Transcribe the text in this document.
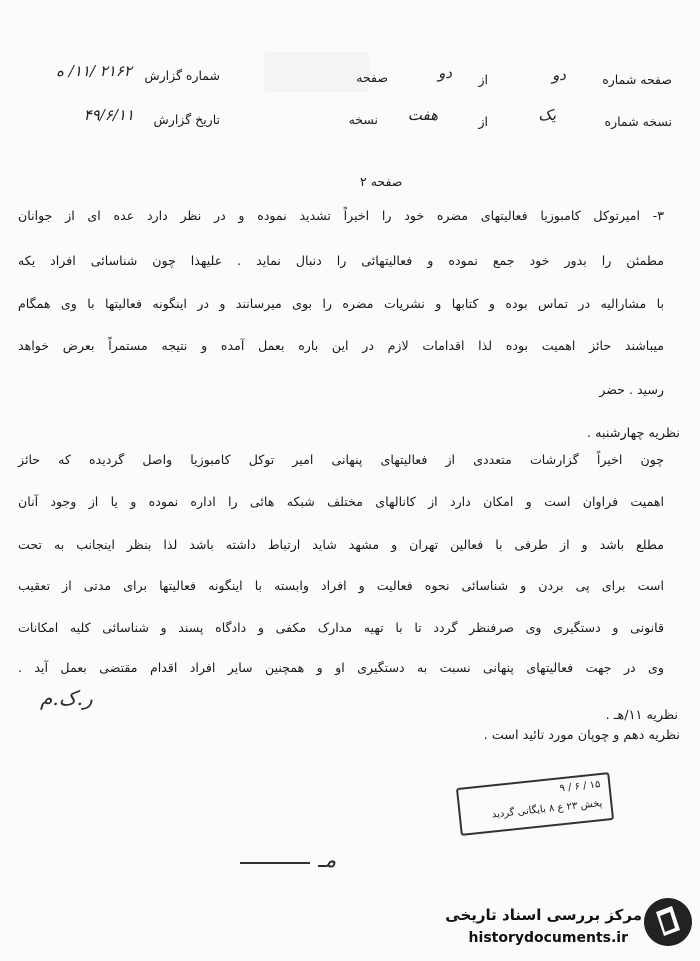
صفحه شماره
دو
از
دو
صفحه
نسخه شماره
یک
از
هفت
نسخه
شماره گزارش
۲۱۶۲ /۱۱/ ه
تاریخ گزارش
۴۹/۶/۱۱
صفحه ۲
۳- امیرتوکل کامبوزیا فعالیتهای مضره خود را اخیراً تشدید نموده و در نظر دارد عده ای از جوانان
مطمئن را بدور خود جمع نموده و فعالیتهائی را دنبال نماید . علیهذا چون شناسائی افراد یکه
با مشارالیه در تماس بوده و کتابها و نشریات مضره را بوی میرسانند و در اینگونه فعالیتها با وی همگام
میباشند حائز اهمیت بوده لذا اقدامات لازم در این باره بعمل آمده و نتیجه مستمراً بعرض خواهد
رسید . حضر
نظریه چهارشنبه .
چون اخیراً گزارشات متعددی از فعالیتهای پنهانی امیر توکل کامبوزیا واصل گردیده که حائز
اهمیت فراوان است و امکان دارد از کانالهای مختلف شبکه هائی را اداره نموده و یا از وجود آنان
مطلع باشد و از طرفی با فعالین تهران و مشهد شاید ارتباط داشته باشد لذا بنظر اینجانب به تحت
است برای پی بردن و شناسائی نحوه فعالیت و افراد وابسته با اینگونه فعالیتها برای مدتی از تعقیب
قانونی و دستگیری وی صرفنظر گردد تا با تهیه مدارک مکفی و دادگاه پسند و شناسائی کلیه امکانات
وی در جهت فعالیتهای پنهانی نسبت به دستگیری او و همچنین سایر افراد اقدام مقتضی بعمل آید .
ر.ک.م
نظریه ۱۱/هـ .
نظریه دهم و چوپان مورد تائید است .
۱۵ / ۶ / ۹
پخش ۲۳ ع ۸ بایگانی گردید
مـ
مرکز بررسی اسناد تاریخی
historydocuments.ir
